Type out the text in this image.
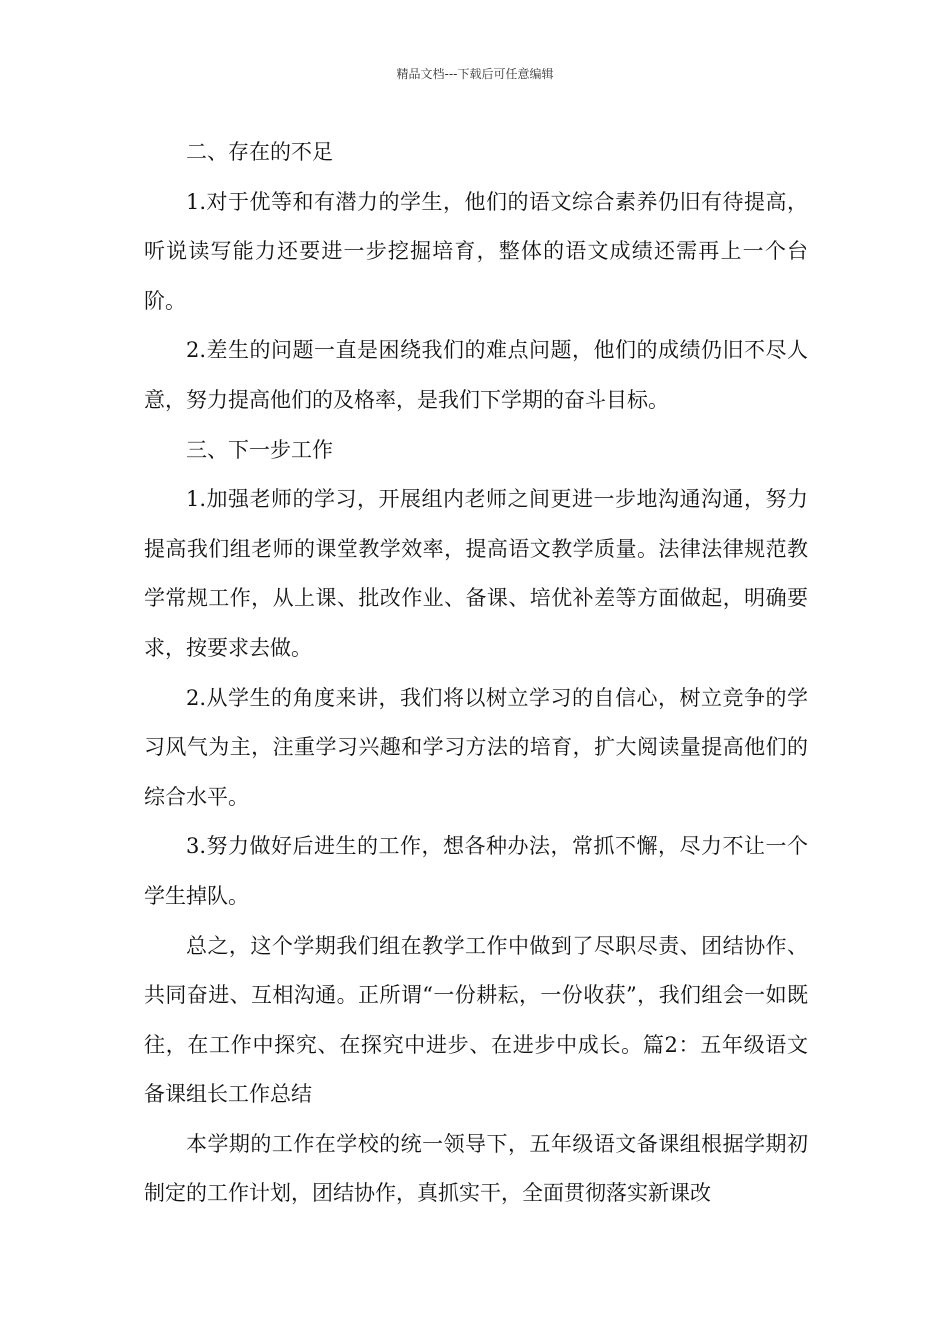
精品文档---下载后可任意编辑

二、存在的不足

1.对于优等和有潜力的学生，他们的语文综合素养仍旧有待提高，听说读写能力还要进一步挖掘培育，整体的语文成绩还需再上一个台阶。

2.差生的问题一直是困绕我们的难点问题，他们的成绩仍旧不尽人意，努力提高他们的及格率，是我们下学期的奋斗目标。

三、下一步工作

1.加强老师的学习，开展组内老师之间更进一步地沟通沟通，努力提高我们组老师的课堂教学效率，提高语文教学质量。法律法律规范教学常规工作，从上课、批改作业、备课、培优补差等方面做起，明确要求，按要求去做。

2.从学生的角度来讲，我们将以树立学习的自信心，树立竞争的学习风气为主，注重学习兴趣和学习方法的培育，扩大阅读量提高他们的综合水平。

3.努力做好后进生的工作，想各种办法，常抓不懈，尽力不让一个学生掉队。

总之，这个学期我们组在教学工作中做到了尽职尽责、团结协作、共同奋进、互相沟通。正所谓“一份耕耘，一份收获”，我们组会一如既往，在工作中探究、在探究中进步、在进步中成长。篇2：五年级语文备课组长工作总结

本学期的工作在学校的统一领导下，五年级语文备课组根据学期初制定的工作计划，团结协作，真抓实干，全面贯彻落实新课改
